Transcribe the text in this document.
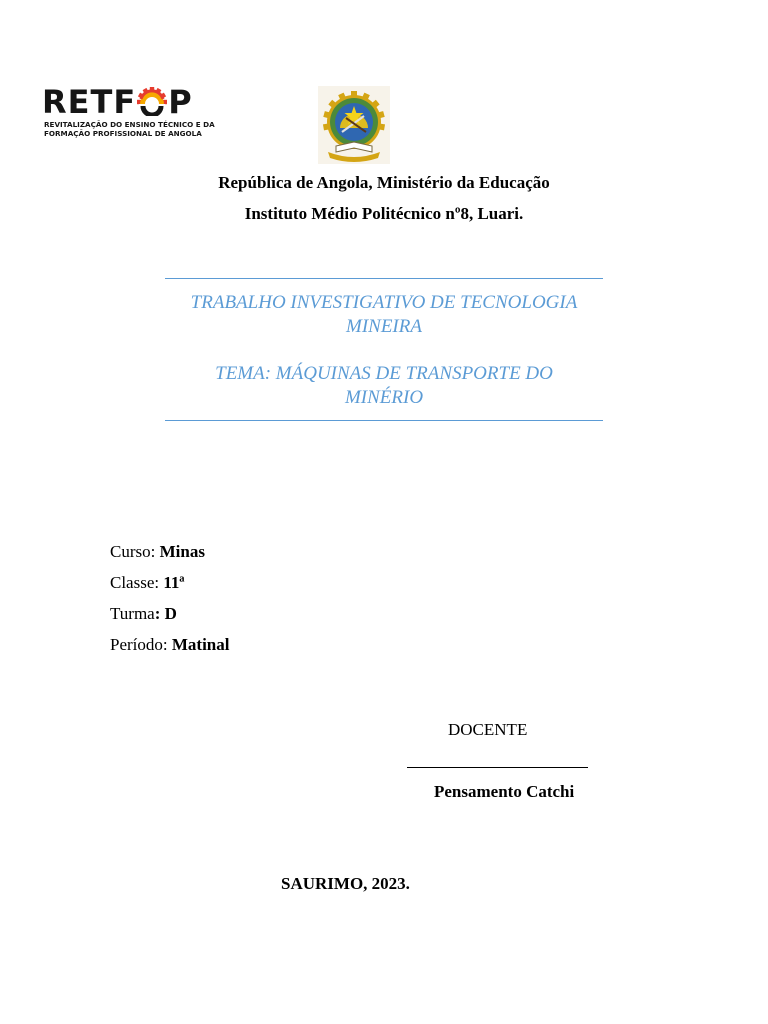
RETF P
REVITALIZAÇÃO DO ENSINO TÉCNICO E DA
FORMAÇÃO PROFISSIONAL DE ANGOLA
República de Angola, Ministério da Educação
Instituto Médio Politécnico nº8, Luari.
TRABALHO INVESTIGATIVO DE TECNOLOGIA
MINEIRA
TEMA: MÁQUINAS DE TRANSPORTE DO
MINÉRIO
Curso: Minas
Classe: 11ª
Turma: D
Período: Matinal
DOCENTE
Pensamento Catchi
SAURIMO, 2023.
